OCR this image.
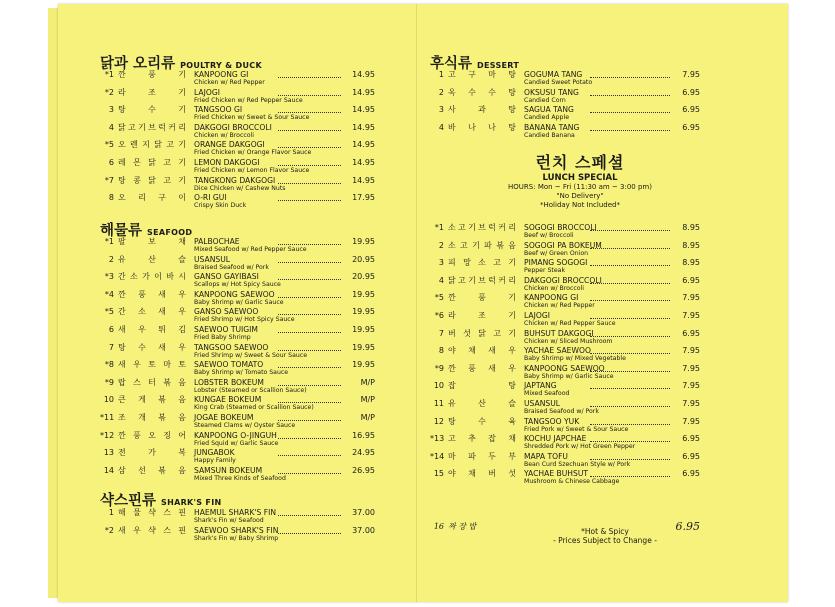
닭과 오리류 POULTRY & DUCK
*1 깐	풍	기 KANPOONG GI	14.95
Chicken w/ Red Pepper
*2 라	조	기 LAJOGI	14.95
Fried Chicken w/ Red Pepper Sauce
3 탕	수	기 TANGSOO GI	14.95
Fried Chicken w/ Sweet & Sour Sauce
4 닭 고 기 브 럭 커 리 DAKGOGI BROCCOLI	14.95
Chicken w/ Broccoli
*5 오 렌 지 닭 고 기 ORANGE DAKGOGI	14.95
Fried Chicken w/ Orange Flavor Sauce
6 레 몬 닭 고 기 LEMON DAKGOGI	14.95
Fried Chicken w/ Lemon Flavor Sauce
*7 탕 콩 닭 고 기 TANGKONG DAKGOGI	14.95
Dice Chicken w/ Cashew Nuts
8 오 리 구 이 O-RI GUI	17.95
Crispy Skin Duck
해물류 SEAFOOD
*1 팔	보	채 PALBOCHAE	19.95
Mixed Seafood w/ Red Pepper Sauce
2 유	산	슬 USANSUL	20.95
Braised Seafood w/ Pork
*3 간 소 가 이 바 시 GANSO GAYIBASI	20.95
Scallops w/ Hot Spicy Sauce
*4 깐 풍 새 우 KANPOONG SAEWOO	19.95
Baby Shrimp w/ Garlic Sauce
*5 간 소 새 우 GANSO SAEWOO	19.95
Fried Shrimp w/ Hot Spicy Sauce
6 새 우 튀 김 SAEWOO TUIGIM	19.95
Fried Baby Shrimp
7 탕 수 새 우 TANGSOO SAEWOO	19.95
Fried Shrimp w/ Sweet & Sour Sauce
*8 새 우 토 마 토 SAEWOO TOMATO	19.95
Baby Shrimp w/ Tomato Sauce
*9 랍 스 터 볶 음 LOBSTER BOKEUM	M/P
Lobster (Steamed or Scallion Sauce)
10 큰 게 볶 음 KUNGAE BOKEUM	M/P
King Crab (Steamed or Scallion Sauce)
*11 조 개 볶 음 JOGAE BOKEUM	M/P
Steamed Clams w/ Oyster Sauce
*12 깐 풍 오 징 어 KANPOONG O-JINGUH	16.95
Fried Squid w/ Garlic Sauce
13 전	가	복 JUNGABOK	24.95
Happy Family
14 삼 선 볶 음 SAMSUN BOKEUM	26.95
Mixed Three Kinds of Seafood
샥스핀류 SHARK'S FIN
1 해 물 샥 스 핀 HAEMUL SHARK'S FIN	37.00
Shark's Fin w/ Seafood
*2 새 우 샥 스 핀 SAEWOO SHARK'S FIN	37.00
Shark's Fin w/ Baby Shrimp
후식류 DESSERT
1 고 구 마 탕 GOGUMA TANG	7.95
Candied Sweet Potato
2 옥 수 수 탕 OKSUSU TANG	6.95
Candied Corn
3 사	과	탕 SAGUA TANG	6.95
Candied Apple
4 바 나 나 탕 BANANA TANG	6.95
Candied Banana
런치 스페셜
LUNCH SPECIAL
HOURS: Mon ~ Fri (11:30 am ~ 3:00 pm)
"No Delivery"
*Holiday Not Included*
*1 소 고 기 브 럭 커 리 SOGOGI BROCCOLI	8.95
Beef w/ Broccoli
2 소 고 기 파 볶 음 SOGOGI PA BOKEUM	8.95
Beef w/ Green Onion
3 피 망 소 고 기 PIMANG SOGOGI	8.95
Pepper Steak
4 닭 고 기 브 럭 커 리 DAKGOGI BROCCOLI	6.95
Chicken w/ Broccoli
*5 깐	풍	기 KANPOONG GI	7.95
Chicken w/ Red Pepper
*6 라	조	기 LAJOGI	7.95
Chicken w/ Red Pepper Sauce
7 버 섯 닭 고 기 BUHSUT DAKGOGI	6.95
Chicken w/ Sliced Mushroom
8 야 채 새 우 YACHAE SAEWOO	7.95
Baby Shrimp w/ Mixed Vegetable
*9 깐 풍 새 우 KANPOONG SAEWOO	7.95
Baby Shrimp w/ Garlic Sauce
10 잡	탕 JAPTANG	7.95
Mixed Seafood
11 유	산	슬 USANSUL	7.95
Braised Seafood w/ Pork
12 탕	수	육 TANGSOO YUK	7.95
Fried Pork w/ Sweet & Sour Sauce
*13 고 추 잡 채 KOCHU JAPCHAE	6.95
Shredded Pork w/ Hot Green Pepper
*14 마 파 두 부 MAPA TOFU	6.95
Bean Curd Szechuan Style w/ Pork
15 야 채 버 섯 YACHAE BUHSUT	6.95
Mushroom & Chinese Cabbage
16 짜 장 밥	6.95
*Hot & Spicy
- Prices Subject to Change -
